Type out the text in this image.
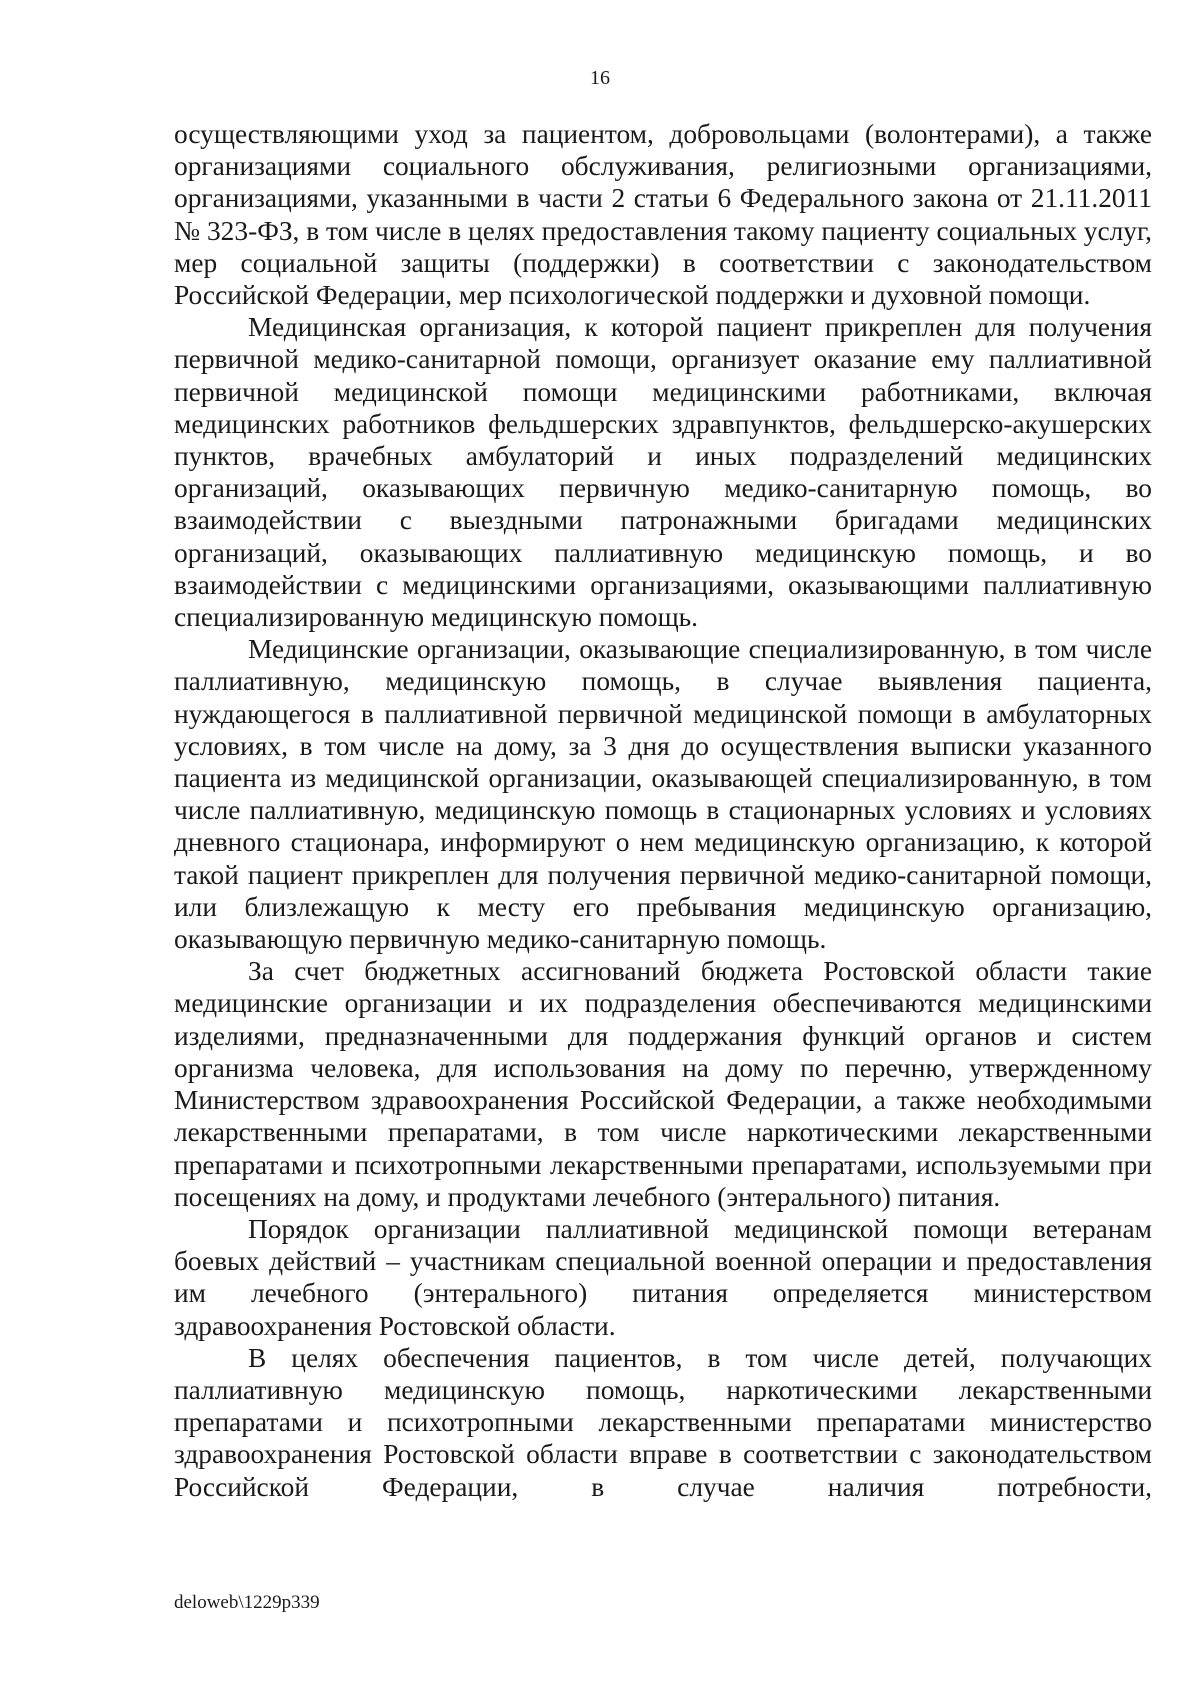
16

осуществляющими уход за пациентом, добровольцами (волонтерами), а также организациями социального обслуживания, религиозными организациями, организациями, указанными в части 2 статьи 6 Федерального закона от 21.11.2011 № 323-ФЗ, в том числе в целях предоставления такому пациенту социальных услуг, мер социальной защиты (поддержки) в соответствии с законодательством Российской Федерации, мер психологической поддержки и духовной помощи.

Медицинская организация, к которой пациент прикреплен для получения первичной медико-санитарной помощи, организует оказание ему паллиативной первичной медицинской помощи медицинскими работниками, включая медицинских работников фельдшерских здравпунктов, фельдшерско-акушерских пунктов, врачебных амбулаторий и иных подразделений медицинских организаций, оказывающих первичную медико-санитарную помощь, во взаимодействии с выездными патронажными бригадами медицинских организаций, оказывающих паллиативную медицинскую помощь, и во взаимодействии с медицинскими организациями, оказывающими паллиативную специализированную медицинскую помощь.

Медицинские организации, оказывающие специализированную, в том числе паллиативную, медицинскую помощь, в случае выявления пациента, нуждающегося в паллиативной первичной медицинской помощи в амбулаторных условиях, в том числе на дому, за 3 дня до осуществления выписки указанного пациента из медицинской организации, оказывающей специализированную, в том числе паллиативную, медицинскую помощь в стационарных условиях и условиях дневного стационара, информируют о нем медицинскую организацию, к которой такой пациент прикреплен для получения первичной медико-санитарной помощи, или близлежащую к месту его пребывания медицинскую организацию, оказывающую первичную медико-санитарную помощь.

За счет бюджетных ассигнований бюджета Ростовской области такие медицинские организации и их подразделения обеспечиваются медицинскими изделиями, предназначенными для поддержания функций органов и систем организма человека, для использования на дому по перечню, утвержденному Министерством здравоохранения Российской Федерации, а также необходимыми лекарственными препаратами, в том числе наркотическими лекарственными препаратами и психотропными лекарственными препаратами, используемыми при посещениях на дому, и продуктами лечебного (энтерального) питания.

Порядок организации паллиативной медицинской помощи ветеранам боевых действий – участникам специальной военной операции и предоставления им лечебного (энтерального) питания определяется министерством здравоохранения Ростовской области.

В целях обеспечения пациентов, в том числе детей, получающих паллиативную медицинскую помощь, наркотическими лекарственными препаратами и психотропными лекарственными препаратами министерство здравоохранения Ростовской области вправе в соответствии с законодательством Российской Федерации, в случае наличия потребности,

deloweb\1229p339
